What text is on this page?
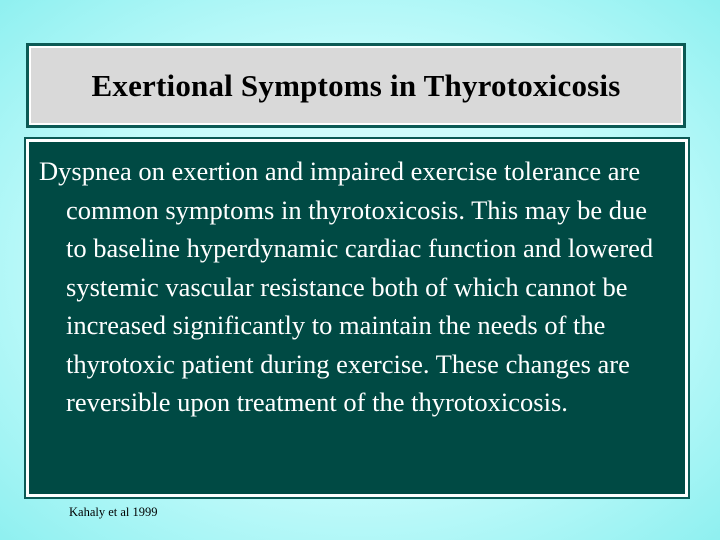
Exertional Symptoms in Thyrotoxicosis

Dyspnea on exertion and impaired exercise tolerance are common symptoms in thyrotoxicosis. This may be due to baseline hyperdynamic cardiac function and lowered systemic vascular resistance both of which cannot be increased significantly to maintain the needs of the thyrotoxic patient during exercise. These changes are reversible upon treatment of the thyrotoxicosis.

Kahaly et al 1999
